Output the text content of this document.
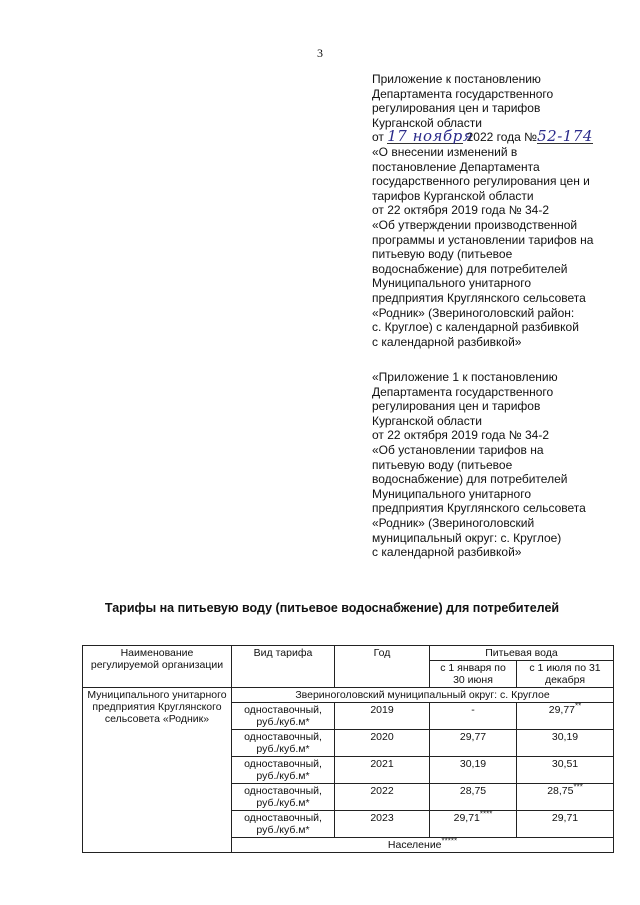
3
Приложение к постановлению
Департамента государственного
регулирования цен и тарифов
Курганской области
от 17 ноября 2022 года №52-174
«О внесении изменений в
постановление Департамента
государственного регулирования цен и
тарифов Курганской области
от 22 октября 2019 года № 34-2
«Об утверждении производственной
программы и установлении тарифов на
питьевую воду (питьевое
водоснабжение) для потребителей
Муниципального унитарного
предприятия Круглянского сельсовета
«Родник» (Звериноголовский район:
с. Круглое) с календарной разбивкой
с календарной разбивкой»
«Приложение 1 к постановлению
Департамента государственного
регулирования цен и тарифов
Курганской области
от 22 октября 2019 года № 34-2
«Об установлении тарифов на
питьевую воду (питьевое
водоснабжение) для потребителей
Муниципального унитарного
предприятия Круглянского сельсовета
«Родник» (Звериноголовский
муниципальный округ: с. Круглое)
с календарной разбивкой»
Тарифы на питьевую воду (питьевое водоснабжение) для потребителей
Наименование регулируемой организации	Вид тарифа	Год	Питьевая вода	
			с 1 января по 30 июня	с 1 июля по 31 декабря
Муниципального унитарного предприятия Круглянского сельсовета «Родник»	Звериноголовский муниципальный округ: с. Круглое			
	одноставочный, руб./куб.м*	2019	-	29,77**
	одноставочный, руб./куб.м*	2020	29,77	30,19
	одноставочный, руб./куб.м*	2021	30,19	30,51
	одноставочный, руб./куб.м*	2022	28,75	28,75***
	одноставочный, руб./куб.м*	2023	29,71****	29,71
	Население*****
